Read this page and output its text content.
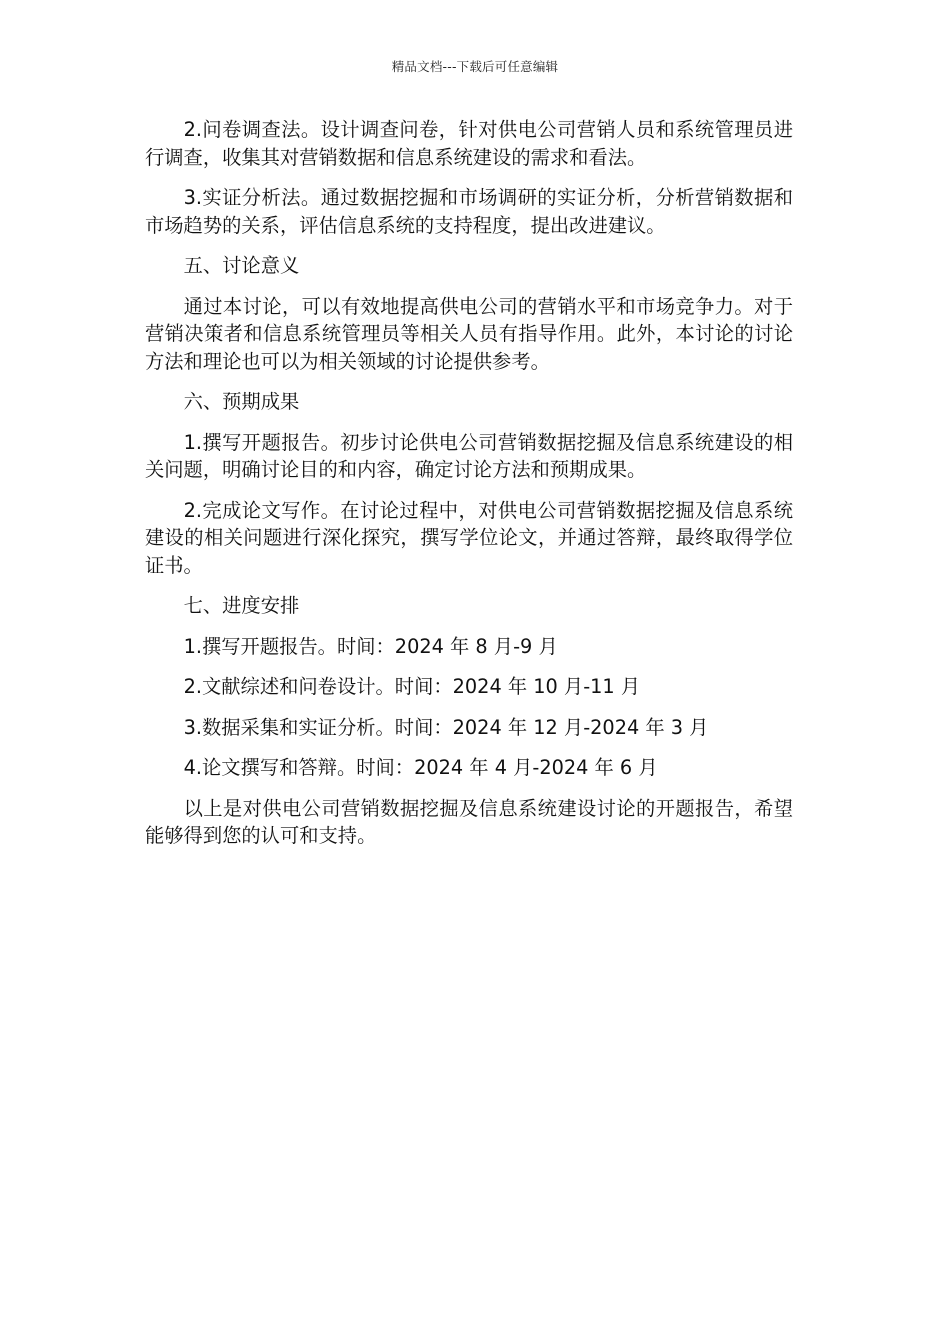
精品文档---下载后可任意编辑

2.问卷调查法。设计调查问卷，针对供电公司营销人员和系统管理员进行调查，收集其对营销数据和信息系统建设的需求和看法。

3.实证分析法。通过数据挖掘和市场调研的实证分析，分析营销数据和市场趋势的关系，评估信息系统的支持程度，提出改进建议。

五、讨论意义

通过本讨论，可以有效地提高供电公司的营销水平和市场竞争力。对于营销决策者和信息系统管理员等相关人员有指导作用。此外，本讨论的讨论方法和理论也可以为相关领域的讨论提供参考。

六、预期成果

1.撰写开题报告。初步讨论供电公司营销数据挖掘及信息系统建设的相关问题，明确讨论目的和内容，确定讨论方法和预期成果。

2.完成论文写作。在讨论过程中，对供电公司营销数据挖掘及信息系统建设的相关问题进行深化探究，撰写学位论文，并通过答辩，最终取得学位证书。

七、进度安排

1.撰写开题报告。时间：2024 年 8 月-9 月

2.文献综述和问卷设计。时间：2024 年 10 月-11 月

3.数据采集和实证分析。时间：2024 年 12 月-2024 年 3 月

4.论文撰写和答辩。时间：2024 年 4 月-2024 年 6 月

以上是对供电公司营销数据挖掘及信息系统建设讨论的开题报告，希望能够得到您的认可和支持。
